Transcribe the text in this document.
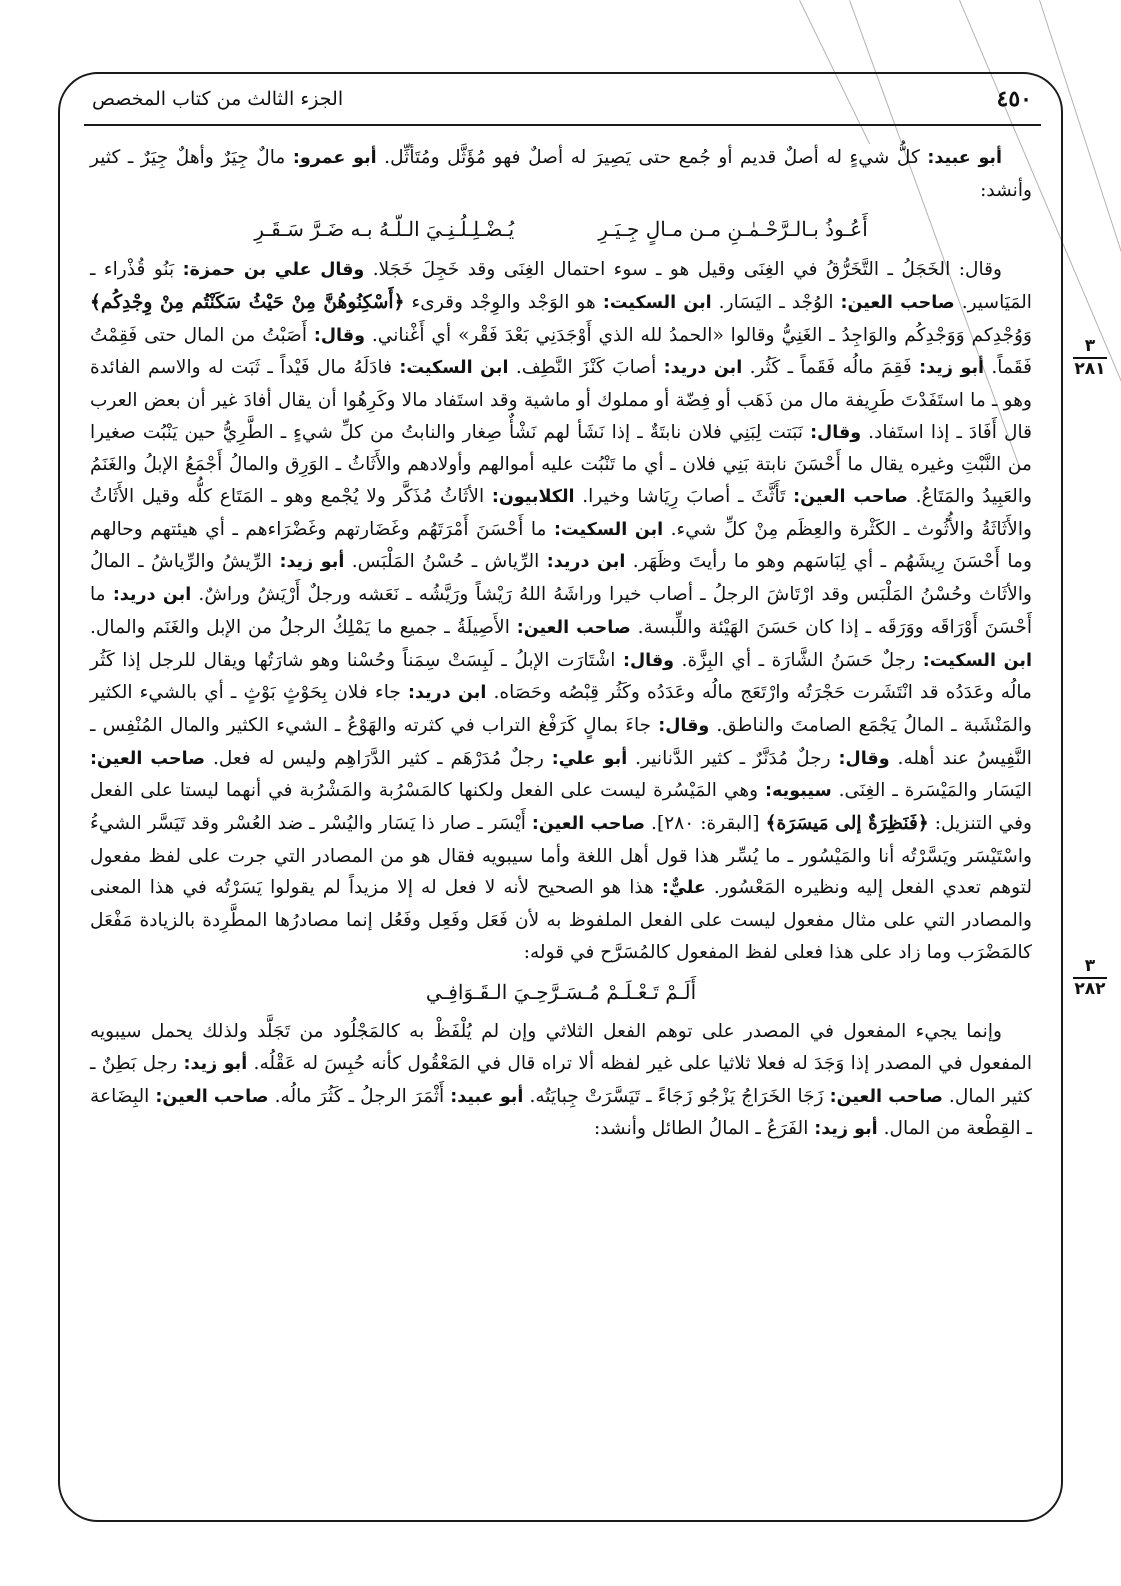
٤٥٠
الجزء الثالث من كتاب المخصص
٣
٢٨١
٣
٢٨٢

أبو عبيد: كلُّ شيءٍ له أصلٌ قديم أو جُمع حتى يَصِيرَ له أصلٌ فهو مُؤَثَّل ومُتَأثِّل. أبو عمرو: مالٌ جِيَرٌ وأهلٌ جِيَرٌ ـ كثير وأنشد:

أَعُـوذُ بـالـرَّحْـمٰـنِ مـن مـالٍ جِـيَـرِيُـضْـلِـلُـنِـيَ الـلّـهُ بـه ضَـرَّ سَـقَـرِ

وقال: الخَجَلُ ـ التَّخَرُّقُ في الغِنَى وقيل هو ـ سوء احتمال الغِنَى وقد خَجِلَ خَجَلا. وقال علي بن حمزة: بَنُو قُذْراء ـ المَيَاسير. صاحب العين: الوُجْد ـ اليَسَار. ابن السكيت: هو الوَجْد والوِجْد وقرىء ﴿أَسْكِنُوهُنَّ مِنْ حَيْثُ سَكَنْتُم مِنْ وِجْدِكُم﴾ وَوُجْدِكم وَوَجْدِكُم والوَاجِدُ ـ الغَنِيُّ وقالوا «الحمدُ لله الذي أَوْجَدَنِي بَعْدَ فَقْر» أي أَغْناني. وقال: أَصَبْتُ من المال حتى فَقِمْتُ فَقَماً. أبو زيد: فَقِمَ مالُه فَقَماً ـ كَثُر. ابن دريد: أصابَ كَنْزَ النَّطِف. ابن السكيت: فادَلَهُ مال فَيْداً ـ ثَبَت له والاسم الفائدة وهو ـ ما استَفَدْتَ طَرِيفة مال من ذَهَب أو فِضّة أو مملوك أو ماشية وقد استَفاد مالا وكَرِهُوا أن يقال أفادَ غير أن بعض العرب قال أَفَادَ ـ إذا استَفاد. وقال: نَبَتت لِبَنِي فلان نابتَةٌ ـ إذا نَشَأ لهم نَشْأٌ صِغار والنابتُ من كلِّ شيءٍ ـ الطَّرِيُّ حين يَنْبُت صغيرا من النَّبْتِ وغيره يقال ما أَحْسَنَ نابتة بَنِي فلان ـ أي ما تَنْبُت عليه أموالهم وأولادهم والأَثَاثُ ـ الوَرِق والمالُ أَجْمَعُ الإبلُ والغَنَمُ والعَبِيدُ والمَتَاعُ. صاحب العين: تَأَثَّثَ ـ أصابَ رِيَاشا وخيرا. الكلابيون: الأثَاثُ مُذَكَّر ولا يُجْمع وهو ـ المَتَاع كلُّه وقيل الأَثَاثُ والأَثَاثَةُ والأُثُوث ـ الكَثْرة والعِظَم مِنْ كلِّ شيء. ابن السكيت: ما أَحْسَنَ أَمْرَتَهُم وغَضَارتهم وغَضْرَاءهم ـ أي هيئتهم وحالهم وما أَحْسَنَ رِيشَهُم ـ أي لِبَاسَهم وهو ما رأيتَ وظَهَر. ابن دريد: الرِّياش ـ حُسْنُ المَلْبَس. أبو زيد: الرِّيشُ والرِّياشُ ـ المالُ والأثَاث وحُسْنُ المَلْبَس وقد ارْتَاشَ الرجلُ ـ أصاب خيرا وراشَهُ اللهُ رَيْشاً ورَيَّشُه ـ نَعَشه ورجلٌ أَرْيَشُ وراشٌ. ابن دريد: ما أَحْسَنَ أَوْرَاقَه ووَرَقَه ـ إذا كان حَسَنَ الهَيْئة واللِّبسة. صاحب العين: الأَصِيلَةُ ـ جميع ما يَمْلِكُ الرجلُ من الإبل والغَنَم والمال. ابن السكيت: رجلٌ حَسَنُ الشَّارَة ـ أي البِزَّة. وقال: اشْتَارَت الإبلُ ـ لَبِسَتْ سِمَناً وحُسْنا وهو شارَتُها ويقال للرجل إذا كَثُر مالُه وعَدَدُه قد انْتَشَرت حَجْرَتُه وارْتَعَج مالُه وعَدَدُه وكَثُر قِبْصُه وحَصَاه. ابن دريد: جاء فلان بِحَوْثٍ بَوْثٍ ـ أي بالشيء الكثير والمَنْشَبة ـ المالُ يَجْمَع الصامتَ والناطق. وقال: جاءَ بمالٍ كَرَفْغ التراب في كثرته والهَوْعُ ـ الشيء الكثير والمال المُنْفِس ـ النَّفِيسُ عند أهله. وقال: رجلٌ مُدَنَّرٌ ـ كثير الدَّنانير. أبو علي: رجلٌ مُدَرْهَم ـ كثير الدَّرَاهِم وليس له فعل. صاحب العين: اليَسَار والمَيْسَرة ـ الغِنَى. سيبويه: وهي المَيْسُرة ليست على الفعل ولكنها كالمَسْرُبة والمَشْرُبة في أنهما ليستا على الفعل وفي التنزيل: ﴿فَنَظِرَةٌ إلى مَيسَرَة﴾ [البقرة: ٢٨٠]. صاحب العين: أَيْسَر ـ صار ذا يَسَار واليُسْر ـ ضد العُسْر وقد تَيَسَّر الشيءُ واسْتَيْسَر ويَسَّرْتُه أنا والمَيْسُور ـ ما يُسِّر هذا قول أهل اللغة وأما سيبويه فقال هو من المصادر التي جرت على لفظ مفعول لتوهم تعدي الفعل إليه ونظيره المَعْسُور. عليٌّ: هذا هو الصحيح لأنه لا فعل له إلا مزيداً لم يقولوا يَسَرْتُه في هذا المعنى والمصادر التي على مثال مفعول ليست على الفعل الملفوظ به لأن فَعَل وفَعِل وفَعُل إنما مصادرُها المطَّرِدة بالزيادة مَفْعَل كالمَضْرَب وما زاد على هذا فعلى لفظ المفعول كالمُسَرَّح في قوله:

أَلَـمْ تَـعْـلَـمْ مُـسَـرَّحِـيَ الـقَـوَافِـي

وإنما يجيء المفعول في المصدر على توهم الفعل الثلاثي وإن لم يُلْفَظْ به كالمَجْلُود من تَجَلَّد ولذلك يحمل سيبويه المفعول في المصدر إذا وَجَدَ له فعلا ثلاثيا على غير لفظه ألا تراه قال في المَعْقُول كأنه حُبِسَ له عَقْلُه. أبو زيد: رجل بَطِنٌ ـ كثير المال. صاحب العين: زَجَا الخَرَاجُ يَزْجُو زَجَاءً ـ تَيَسَّرَتْ جِبايَتُه. أبو عبيد: أَثْمَرَ الرجلُ ـ كَثُرَ مالُه. صاحب العين: البِضَاعة ـ القِطْعة من المال. أبو زيد: الفَرَعُ ـ المالُ الطائل وأنشد:
